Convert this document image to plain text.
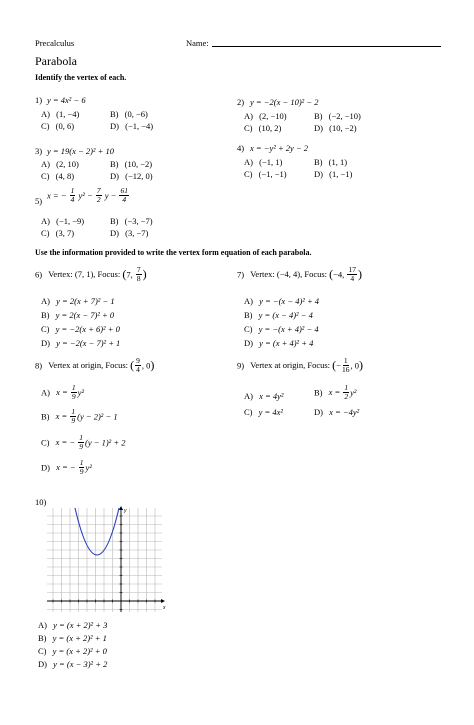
Precalculus	Name:
Parabola
Identify the vertex of each.
1) y = 4x² − 6
A) (1, −4)	B) (0, −6)
C) (0, 6)	D) (−1, −4)
2) y = −2(x − 10)² − 2
A) (2, −10)	B) (−2, −10)
C) (10, 2)	D) (10, −2)
3) y = 19(x − 2)² + 10
A) (2, 10)	B) (10, −2)
C) (4, 8)	D) (−12, 0)
4) x = −y² + 2y − 2
A) (−1, 1)	B) (1, 1)
C) (−1, −1)	D) (1, −1)
5)
x = − $\frac{1}{4} y^2 - \frac{7}{2}$ $y - \frac{61}{4}$
A) (−1, −9)	B) (−3, −7)
C) (3, 7)	D) (3, −7)
Use the information provided to write the vertex form equation of each parabola.
6) Vertex: (7, 1), Focus: (7, $\frac{7}{8}$ )
A) y = 2(x + 7)² − 1
B) y = 2(x − 7)² + 0
C) y = −2(x + 6)² + 0
D) y = −2(x − 7)² + 1
7) Vertex: (−4, 4), Focus: (−4, $\frac{17}{4}$ )
A) y = −(x − 4)² + 4
B) y = (x − 4)² − 4
C) y = −(x + 4)² − 4
D) y = (x + 4)² + 4
8) Vertex at origin, Focus: ( $\frac{9}{4}$ , 0)
A) $x = \frac{1}{9} y^2$
B) $x = \frac{1}{9} (y - 2)^2 - 1$
C) x = − $\frac{1}{9} (y - 1)^2 + 2$
D) x = − $\frac{1}{9} y^2$
9) Vertex at origin, Focus: (− $\frac{1}{16}$ , 0)
A) x = 4y²	B) $x = \frac{1}{2} y^2$
C) y = 4x²	D) x = −4y²
10)
y
x
A) y = (x + 2)² + 3
B) y = (x + 2)² + 1
C) y = (x + 2)² + 0
D) y = (x − 3)² + 2
